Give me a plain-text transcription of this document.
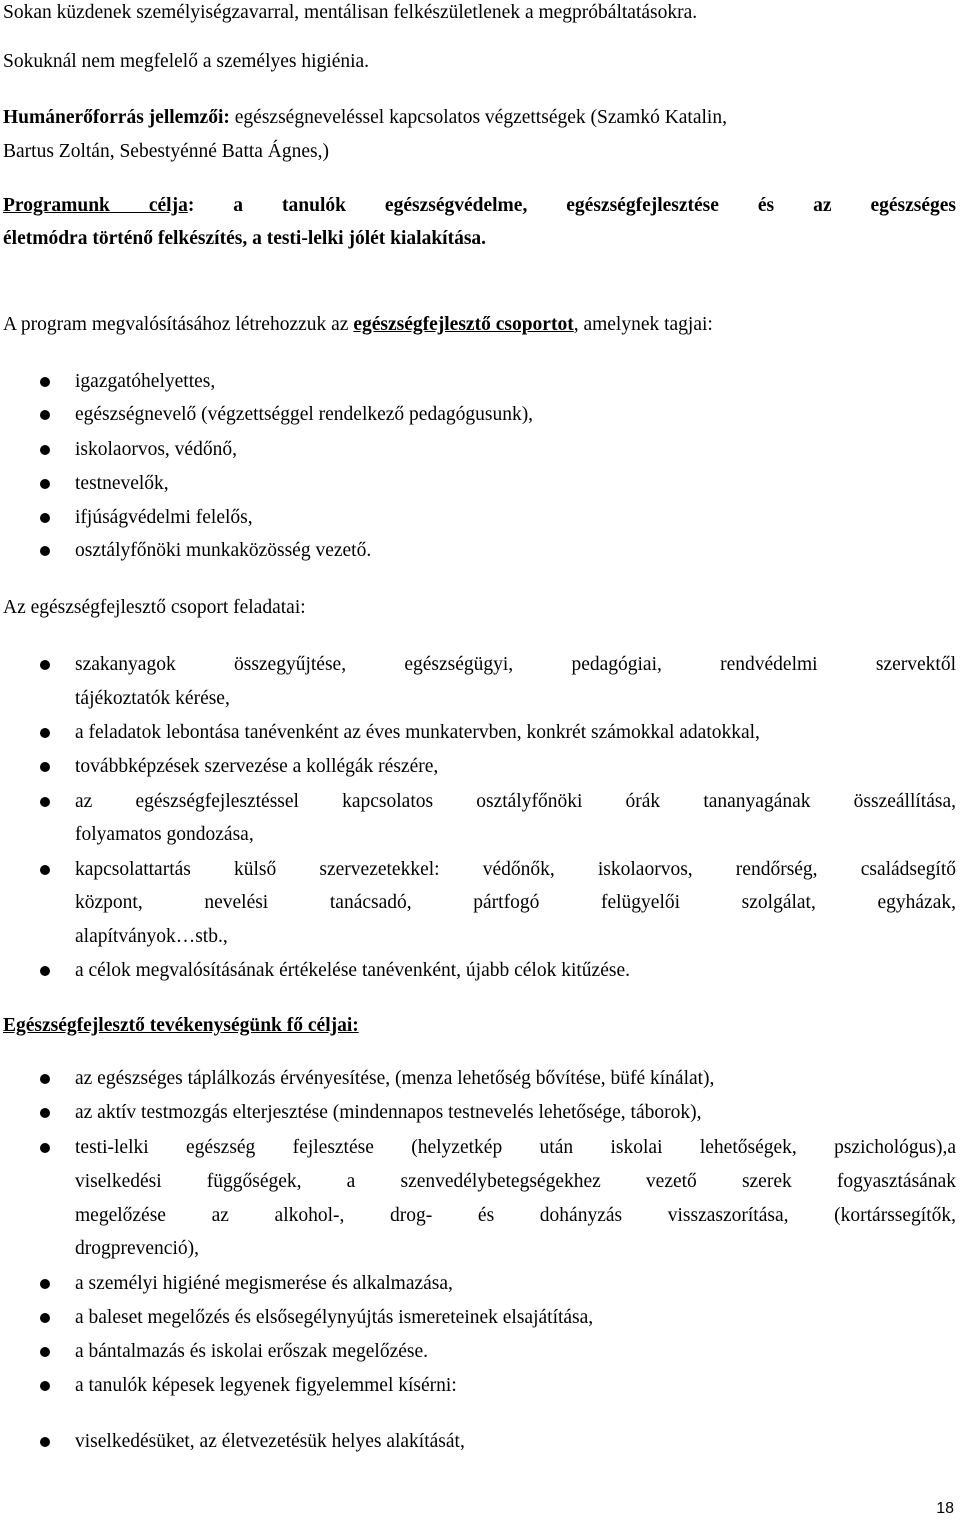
Sokan küzdenek személyiségzavarral, mentálisan felkészületlenek a megpróbáltatásokra.
Sokuknál nem megfelelő a személyes higiénia.
Humánerőforrás jellemzői: egészségneveléssel kapcsolatos végzettségek (Szamkó Katalin,
Bartus Zoltán, Sebestyénné Batta Ágnes,)
Programunk célja: a tanulók egészségvédelme, egészségfejlesztése és az egészséges
életmódra történő felkészítés, a testi-lelki jólét kialakítása.
A program megvalósításához létrehozzuk az egészségfejlesztő csoportot, amelynek tagjai:
igazgatóhelyettes,
egészségnevelő (végzettséggel rendelkező pedagógusunk),
iskolaorvos, védőnő,
testnevelők,
ifjúságvédelmi felelős,
osztályfőnöki munkaközösség vezető.
Az egészségfejlesztő csoport feladatai:
szakanyagok összegyűjtése, egészségügyi, pedagógiai, rendvédelmi szervektől
tájékoztatók kérése,
a feladatok lebontása tanévenként az éves munkatervben, konkrét számokkal adatokkal,
továbbképzések szervezése a kollégák részére,
az egészségfejlesztéssel kapcsolatos osztályfőnöki órák tananyagának összeállítása,
folyamatos gondozása,
kapcsolattartás külső szervezetekkel: védőnők, iskolaorvos, rendőrség, családsegítő
központ, nevelési tanácsadó, pártfogó felügyelői szolgálat, egyházak,
alapítványok…stb.,
a célok megvalósításának értékelése tanévenként, újabb célok kitűzése.
Egészségfejlesztő tevékenységünk fő céljai:
az egészséges táplálkozás érvényesítése, (menza lehetőség bővítése, büfé kínálat),
az aktív testmozgás elterjesztése (mindennapos testnevelés lehetősége, táborok),
testi-lelki egészség fejlesztése (helyzetkép után iskolai lehetőségek, pszichológus),a
viselkedési függőségek, a szenvedélybetegségekhez vezető szerek fogyasztásának
megelőzése az alkohol-, drog- és dohányzás visszaszorítása, (kortárssegítők,
drogprevenció),
a személyi higiéné megismerése és alkalmazása,
a baleset megelőzés és elsősegélynyújtás ismereteinek elsajátítása,
a bántalmazás és iskolai erőszak megelőzése.
a tanulók képesek legyenek figyelemmel kísérni:
viselkedésüket, az életvezetésük helyes alakítását,
18
